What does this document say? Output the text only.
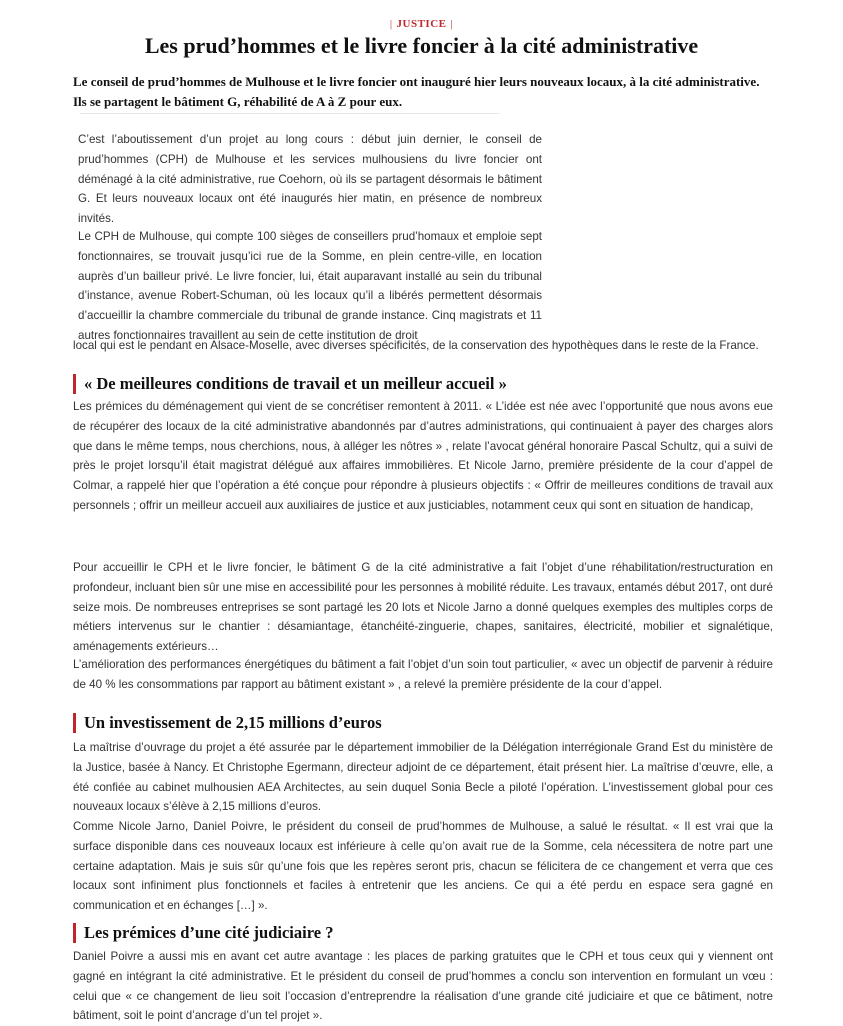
| JUSTICE |
Les prud’hommes et le livre foncier à la cité administrative

Le conseil de prud’hommes de Mulhouse et le livre foncier ont inauguré hier leurs nouveaux locaux, à la cité administrative. Ils se partagent le bâtiment G, réhabilité de A à Z pour eux.

C’est l’aboutissement d’un projet au long cours : début juin dernier, le conseil de prud’hommes (CPH) de Mulhouse et les services mulhousiens du livre foncier ont déménagé à la cité administrative, rue Coehorn, où ils se partagent désormais le bâtiment G. Et leurs nouveaux locaux ont été inaugurés hier matin, en présence de nombreux invités.

Le CPH de Mulhouse, qui compte 100 sièges de conseillers prud’homaux et emploie sept fonctionnaires, se trouvait jusqu’ici rue de la Somme, en plein centre-ville, en location auprès d’un bailleur privé. Le livre foncier, lui, était auparavant installé au sein du tribunal d’instance, avenue Robert-Schuman, où les locaux qu’il a libérés permettent désormais d’accueillir la chambre commerciale du tribunal de grande instance. Cinq magistrats et 11 autres fonctionnaires travaillent au sein de cette institution de droit

local qui est le pendant en Alsace-Moselle, avec diverses spécificités, de la conservation des hypothèques dans le reste de la France.

« De meilleures conditions de travail et un meilleur accueil »

Les prémices du déménagement qui vient de se concrétiser remontent à 2011. « L’idée est née avec l’opportunité que nous avons eue de récupérer des locaux de la cité administrative abandonnés par d’autres administrations, qui continuaient à payer des charges alors que dans le même temps, nous cherchions, nous, à alléger les nôtres » , relate l’avocat général honoraire Pascal Schultz, qui a suivi de près le projet lorsqu’il était magistrat délégué aux affaires immobilières. Et Nicole Jarno, première présidente de la cour d’appel de Colmar, a rappelé hier que l’opération a été conçue pour répondre à plusieurs objectifs : « Offrir de meilleures conditions de travail aux personnels ; offrir un meilleur accueil aux auxiliaires de justice et aux justiciables, notamment ceux qui sont en situation de handicap,

Pour accueillir le CPH et le livre foncier, le bâtiment G de la cité administrative a fait l’objet d’une réhabilitation/restructuration en profondeur, incluant bien sûr une mise en accessibilité pour les personnes à mobilité réduite. Les travaux, entamés début 2017, ont duré seize mois. De nombreuses entreprises se sont partagé les 20 lots et Nicole Jarno a donné quelques exemples des multiples corps de métiers intervenus sur le chantier : désamiantage, étanchéité-zinguerie, chapes, sanitaires, électricité, mobilier et signalétique, aménagements extérieurs…

L’amélioration des performances énergétiques du bâtiment a fait l’objet d’un soin tout particulier, « avec un objectif de parvenir à réduire de 40 % les consommations par rapport au bâtiment existant » , a relevé la première présidente de la cour d’appel.

Un investissement de 2,15 millions d’euros

La maîtrise d’ouvrage du projet a été assurée par le département immobilier de la Délégation interrégionale Grand Est du ministère de la Justice, basée à Nancy. Et Christophe Egermann, directeur adjoint de ce département, était présent hier. La maîtrise d’œuvre, elle, a été confiée au cabinet mulhousien AEA Architectes, au sein duquel Sonia Becle a piloté l’opération. L’investissement global pour ces nouveaux locaux s’élève à 2,15 millions d’euros.

Comme Nicole Jarno, Daniel Poivre, le président du conseil de prud’hommes de Mulhouse, a salué le résultat. « Il est vrai que la surface disponible dans ces nouveaux locaux est inférieure à celle qu’on avait rue de la Somme, cela nécessitera de notre part une certaine adaptation. Mais je suis sûr qu’une fois que les repères seront pris, chacun se félicitera de ce changement et verra que ces locaux sont infiniment plus fonctionnels et faciles à entretenir que les anciens. Ce qui a été perdu en espace sera gagné en communication et en échanges […] ».

Les prémices d’une cité judiciaire ?

Daniel Poivre a aussi mis en avant cet autre avantage : les places de parking gratuites que le CPH et tous ceux qui y viennent ont gagné en intégrant la cité administrative. Et le président du conseil de prud’hommes a conclu son intervention en formulant un vœu : celui que « ce changement de lieu soit l’occasion d’entreprendre la réalisation d’une grande cité judiciaire et que ce bâtiment, notre bâtiment, soit le point d’ancrage d’un tel projet ».
